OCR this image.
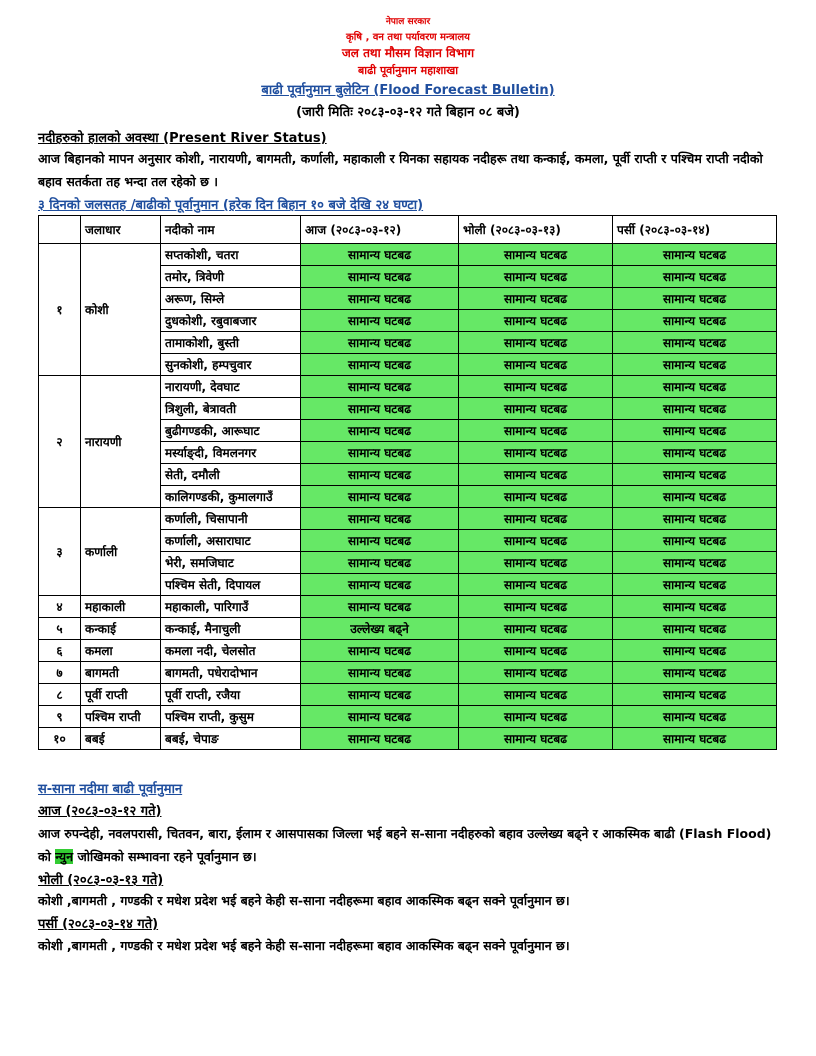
नेपाल सरकार
कृषि , वन तथा पर्यावरण मन्त्रालय
जल तथा मौसम विज्ञान विभाग
बाढी पूर्वानुमान महाशाखा
बाढी पूर्वानुमान बुलेटिन (Flood Forecast Bulletin)
(जारी मितिः २०८३-०३-१२ गते बिहान ०८ बजे)
नदीहरुको हालको अवस्था (Present River Status)
आज बिहानको मापन अनुसार कोशी, नारायणी, बागमती, कर्णाली, महाकाली र यिनका सहायक नदीहरू तथा कन्काई, कमला, पूर्वी राप्ती र पश्चिम राप्ती नदीको बहाव सतर्कता तह भन्दा तल रहेको छ ।
३ दिनको जलसतह /बाढीको पूर्वानुमान (हरेक दिन बिहान १० बजे देखि २४ घण्टा)
	जलाधार	नदीको नाम	आज (२०८३-०३-१२)	भोली (२०८३-०३-१३)	पर्सी (२०८३-०३-१४)
१	कोशी	सप्तकोशी, चतरा	सामान्य घटबढ	सामान्य घटबढ	सामान्य घटबढ
		तमोर, त्रिवेणी	सामान्य घटबढ	सामान्य घटबढ	सामान्य घटबढ
		अरूण, सिम्ले	सामान्य घटबढ	सामान्य घटबढ	सामान्य घटबढ
		दुधकोशी, रबुवाबजार	सामान्य घटबढ	सामान्य घटबढ	सामान्य घटबढ
		तामाकोशी, बुस्ती	सामान्य घटबढ	सामान्य घटबढ	सामान्य घटबढ
		सुनकोशी, हम्पचुवार	सामान्य घटबढ	सामान्य घटबढ	सामान्य घटबढ
२	नारायणी	नारायणी, देवघाट	सामान्य घटबढ	सामान्य घटबढ	सामान्य घटबढ
		त्रिशुली, बेत्रावती	सामान्य घटबढ	सामान्य घटबढ	सामान्य घटबढ
		बुढीगण्डकी, आरूघाट	सामान्य घटबढ	सामान्य घटबढ	सामान्य घटबढ
		मर्स्याङ्दी, विमलनगर	सामान्य घटबढ	सामान्य घटबढ	सामान्य घटबढ
		सेती, दमौली	सामान्य घटबढ	सामान्य घटबढ	सामान्य घटबढ
		कालिगण्डकी, कुमालगाउँ	सामान्य घटबढ	सामान्य घटबढ	सामान्य घटबढ
३	कर्णाली	कर्णाली, चिसापानी	सामान्य घटबढ	सामान्य घटबढ	सामान्य घटबढ
		कर्णाली, असाराघाट	सामान्य घटबढ	सामान्य घटबढ	सामान्य घटबढ
		भेरी, समजिघाट	सामान्य घटबढ	सामान्य घटबढ	सामान्य घटबढ
		पश्चिम सेती, दिपायल	सामान्य घटबढ	सामान्य घटबढ	सामान्य घटबढ
४	महाकाली	महाकाली, पारिगाउँ	सामान्य घटबढ	सामान्य घटबढ	सामान्य घटबढ
५	कन्काई	कन्काई, मैनाचुली	उल्लेख्य बढ्ने	सामान्य घटबढ	सामान्य घटबढ
६	कमला	कमला नदी, चेलसोत	सामान्य घटबढ	सामान्य घटबढ	सामान्य घटबढ
७	बागमती	बागमती, पधेरादोभान	सामान्य घटबढ	सामान्य घटबढ	सामान्य घटबढ
८	पूर्वी राप्ती	पूर्वी राप्ती, रजैया	सामान्य घटबढ	सामान्य घटबढ	सामान्य घटबढ
९	पश्चिम राप्ती	पश्चिम राप्ती, कुसुम	सामान्य घटबढ	सामान्य घटबढ	सामान्य घटबढ
१०	बबई	बबई, चेपाङ	सामान्य घटबढ	सामान्य घटबढ	सामान्य घटबढ
स-साना नदीमा बाढी पूर्वानुमान
आज (२०८३-०३-१२ गते)
आज रुपन्देही, नवलपरासी, चितवन, बारा, ईलाम र आसपासका जिल्ला भई बहने स-साना नदीहरुको बहाव उल्लेख्य बढ्ने र आकस्मिक बाढी (Flash Flood) को न्युन जोखिमको सम्भावना रहने पूर्वानुमान छ।
भोली (२०८३-०३-१३ गते)
कोशी ,बागमती , गण्डकी र मधेश प्रदेश भई बहने केही स-साना नदीहरूमा बहाव आकस्मिक बढ्न सक्ने पूर्वानुमान छ।
पर्सी (२०८३-०३-१४ गते)
कोशी ,बागमती , गण्डकी र मधेश प्रदेश भई बहने केही स-साना नदीहरूमा बहाव आकस्मिक बढ्न सक्ने पूर्वानुमान छ।
